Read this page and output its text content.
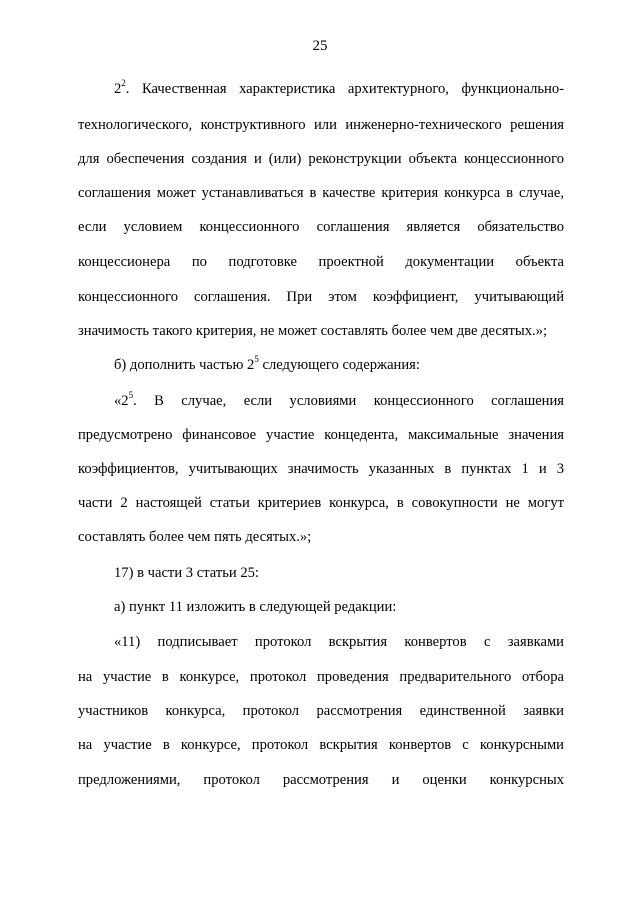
25
$2^2$. Качественная характеристика архитектурного, функционально-
технологического, конструктивного или инженерно-технического решения
для обеспечения создания и (или) реконструкции объекта концессионного
соглашения может устанавливаться в качестве критерия конкурса в случае,
если условием концессионного соглашения является обязательство
концессионера по подготовке проектной документации объекта
концессионного соглашения. При этом коэффициент, учитывающий
значимость такого критерия, не может составлять более чем две десятых.»;
б) дополнить частью $2^5$ следующего содержания:
«$2^5$. В случае, если условиями концессионного соглашения
предусмотрено финансовое участие концедента, максимальные значения
коэффициентов, учитывающих значимость указанных в пунктах 1 и 3
части 2 настоящей статьи критериев конкурса, в совокупности не могут
составлять более чем пять десятых.»;
17) в части 3 статьи 25:
а) пункт 11 изложить в следующей редакции:
«11) подписывает протокол вскрытия конвертов с заявками
на участие в конкурсе, протокол проведения предварительного отбора
участников конкурса, протокол рассмотрения единственной заявки
на участие в конкурсе, протокол вскрытия конвертов с конкурсными
предложениями, протокол рассмотрения и оценки конкурсных
